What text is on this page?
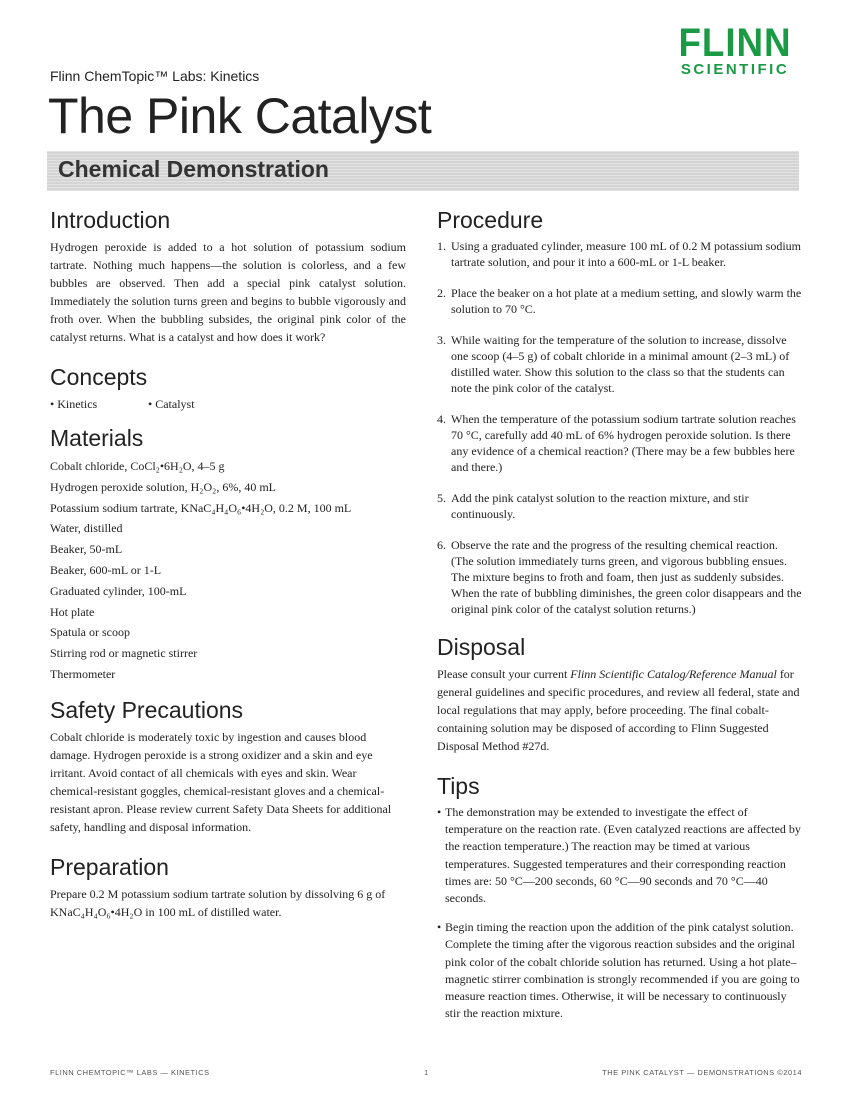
FLINN
SCIENTIFIC
Flinn ChemTopic™ Labs: Kinetics
The Pink Catalyst
Chemical Demonstration
Introduction

Hydrogen peroxide is added to a hot solution of potassium sodium tartrate. Nothing much happens—the solution is colorless, and a few bubbles are observed. Then add a special pink catalyst solution. Immediately the solution turns green and begins to bubble vigorously and froth over. When the bubbling subsides, the original pink color of the catalyst returns. What is a catalyst and how does it work?

Concepts
• Kinetics	• Catalyst
Materials
Cobalt chloride, CoCl₂•6H₂O, 4–5 g
Hydrogen peroxide solution, H₂O₂, 6%, 40 mL
Potassium sodium tartrate, KNaC₄H₄O₆•4H₂O, 0.2 M, 100 mL
Water, distilled
Beaker, 50-mL
Beaker, 600-mL or 1-L
Graduated cylinder, 100-mL
Hot plate
Spatula or scoop
Stirring rod or magnetic stirrer
Thermometer
Safety Precautions

Cobalt chloride is moderately toxic by ingestion and causes blood damage. Hydrogen peroxide is a strong oxidizer and a skin and eye irritant. Avoid contact of all chemicals with eyes and skin. Wear chemical-resistant goggles, chemical-resistant gloves and a chemical-resistant apron. Please review current Safety Data Sheets for additional safety, handling and disposal information.

Preparation

Prepare 0.2 M potassium sodium tartrate solution by dissolving 6 g of KNaC₄H₄O₆•4H₂O in 100 mL of distilled water.

Procedure
1. Using a graduated cylinder, measure 100 mL of 0.2 M potassium sodium tartrate solution, and pour it into a 600-mL or 1-L beaker.
2. Place the beaker on a hot plate at a medium setting, and slowly warm the solution to 70 °C.
3. While waiting for the temperature of the solution to increase, dissolve one scoop (4–5 g) of cobalt chloride in a minimal amount (2–3 mL) of distilled water. Show this solution to the class so that the students can note the pink color of the catalyst.
4. When the temperature of the potassium sodium tartrate solution reaches 70 °C, carefully add 40 mL of 6% hydrogen peroxide solution. Is there any evidence of a chemical reaction? (There may be a few bubbles here and there.)
5. Add the pink catalyst solution to the reaction mixture, and stir continuously.
6. Observe the rate and the progress of the resulting chemical reaction. (The solution immediately turns green, and vigorous bubbling ensues. The mixture begins to froth and foam, then just as suddenly subsides. When the rate of bubbling diminishes, the green color disappears and the original pink color of the catalyst solution returns.)
Disposal

Please consult your current Flinn Scientific Catalog/Reference Manual for general guidelines and specific procedures, and review all federal, state and local regulations that may apply, before proceeding. The final cobalt-containing solution may be disposed of according to Flinn Suggested Disposal Method #27d.

Tips
• The demonstration may be extended to investigate the effect of temperature on the reaction rate. (Even catalyzed reactions are affected by the reaction temperature.) The reaction may be timed at various temperatures. Suggested temperatures and their corresponding reaction times are: 50 °C—200 seconds, 60 °C—90 seconds and 70 °C—40 seconds.
• Begin timing the reaction upon the addition of the pink catalyst solution. Complete the timing after the vigorous reaction subsides and the original pink color of the cobalt chloride solution has returned. Using a hot plate–magnetic stirrer combination is strongly recommended if you are going to measure reaction times. Otherwise, it will be necessary to continuously stir the reaction mixture.
FLINN CHEMTOPIC™ LABS — KINETICS	1	THE PINK CATALYST — DEMONSTRATIONS ©2014
